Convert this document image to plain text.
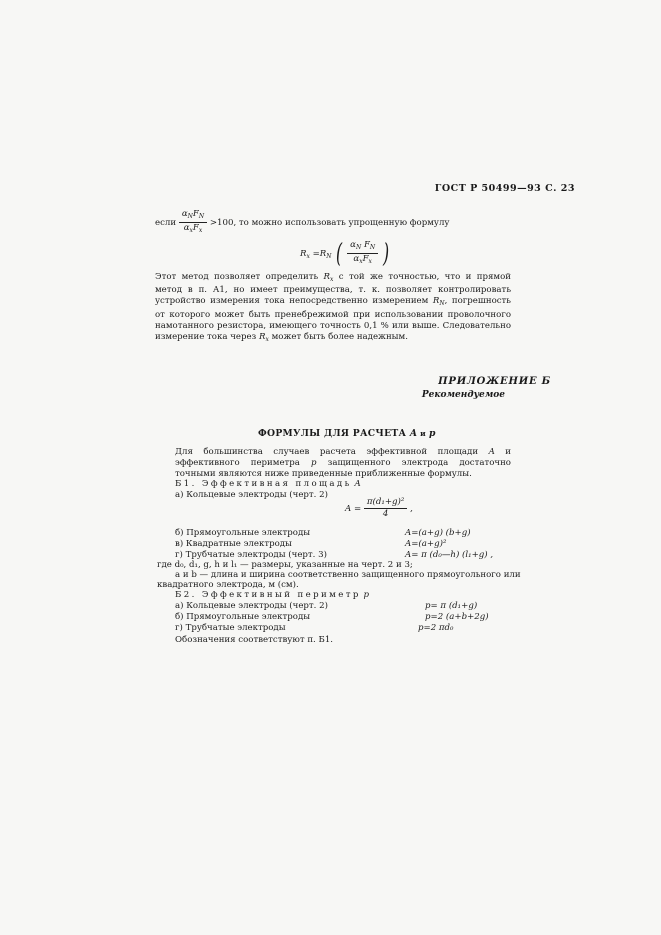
ГОСТ Р 50499—93 С. 23
если $\frac{\alpha_NF_N}{\alpha_xF_x} >100$, то можно использовать упрощенную формулу
$R_x =R_N$ ( $\frac{\alpha_N F_N}{\alpha_xF_x}$ )
Этот метод позволяет определить $R_x$ с той же точностью, что и прямой метод в п. А1, но имеет преимущества, т. к. позволяет контролировать устройство измерения тока непосредственно измерением $R_N$, погрешность от которого может быть пренебрежимой при использовании проволочного намотанного резистора, имеющего точность 0,1 % или выше. Следовательно измерение тока через $R_x$ может быть более надежным.
ПРИЛОЖЕНИЕ Б
Рекомендуемое
ФОРМУЛЫ ДЛЯ РАСЧЕТА A и p
Для большинства случаев расчета эффективной площади A и эффективного периметра p защищенного электрода достаточно точными являются ниже приведенные приближенные формулы.
Б1. Эффективная площадь A
а) Кольцевые электроды (черт. 2)
$A = \frac{\text{π(d₁+g)²}}{4}$ ,
б) Прямоугольные электроды	A=(a+g) (b+g)
в) Квадратные электроды	A=(a+g)²
г) Трубчатые электроды (черт. 3)	A= π (d₀—h) (l₁+g) ,
где d₀, d₁, g, h и l₁ — размеры, указанные на черт. 2 и 3;
a и b — длина и ширина соответственно защищенного прямоугольного или
квадратного электрода, м (см).
Б2. Эффективный периметр p
а) Кольцевые электроды (черт. 2)	p= π (d₁+g)
б) Прямоугольные электроды	p=2 (a+b+2g)
г) Трубчатые электроды	p=2 πd₀
Обозначения соответствуют п. Б1.
